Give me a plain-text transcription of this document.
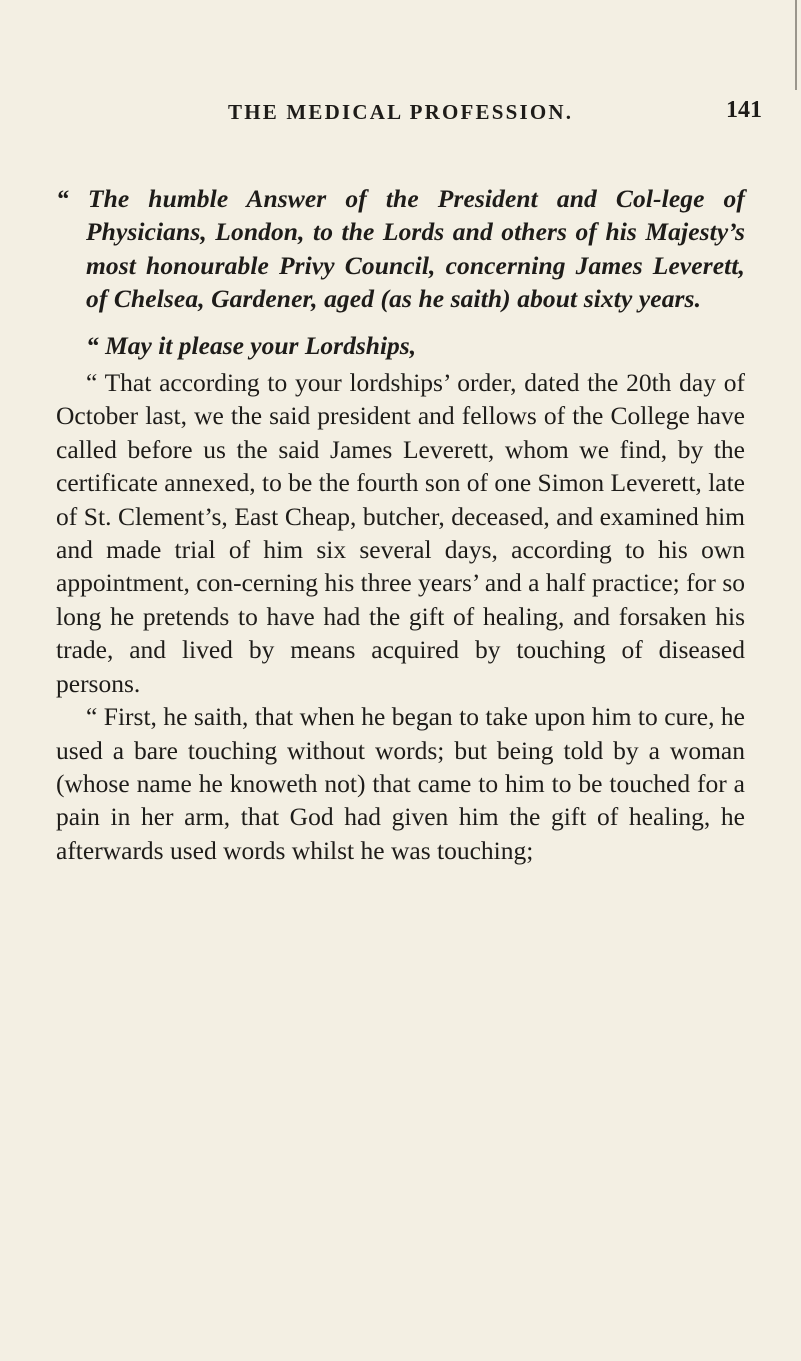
THE MEDICAL PROFESSION.	141

“ The humble Answer of the President and Col-lege of Physicians, London, to the Lords and others of his Majesty’s most honourable Privy Council, concerning James Leverett, of Chelsea, Gardener, aged (as he saith) about sixty years.

“ May it please your Lordships,

“ That according to your lordships’ order, dated the 20th day of October last, we the said president and fellows of the College have called before us the said James Leverett, whom we find, by the certificate annexed, to be the fourth son of one Simon Leverett, late of St. Clement’s, East Cheap, butcher, deceased, and examined him and made trial of him six several days, according to his own appointment, con-cerning his three years’ and a half practice; for so long he pretends to have had the gift of healing, and forsaken his trade, and lived by means acquired by touching of diseased persons.

“ First, he saith, that when he began to take upon him to cure, he used a bare touching without words; but being told by a woman (whose name he knoweth not) that came to him to be touched for a pain in her arm, that God had given him the gift of healing, he afterwards used words whilst he was touching;
